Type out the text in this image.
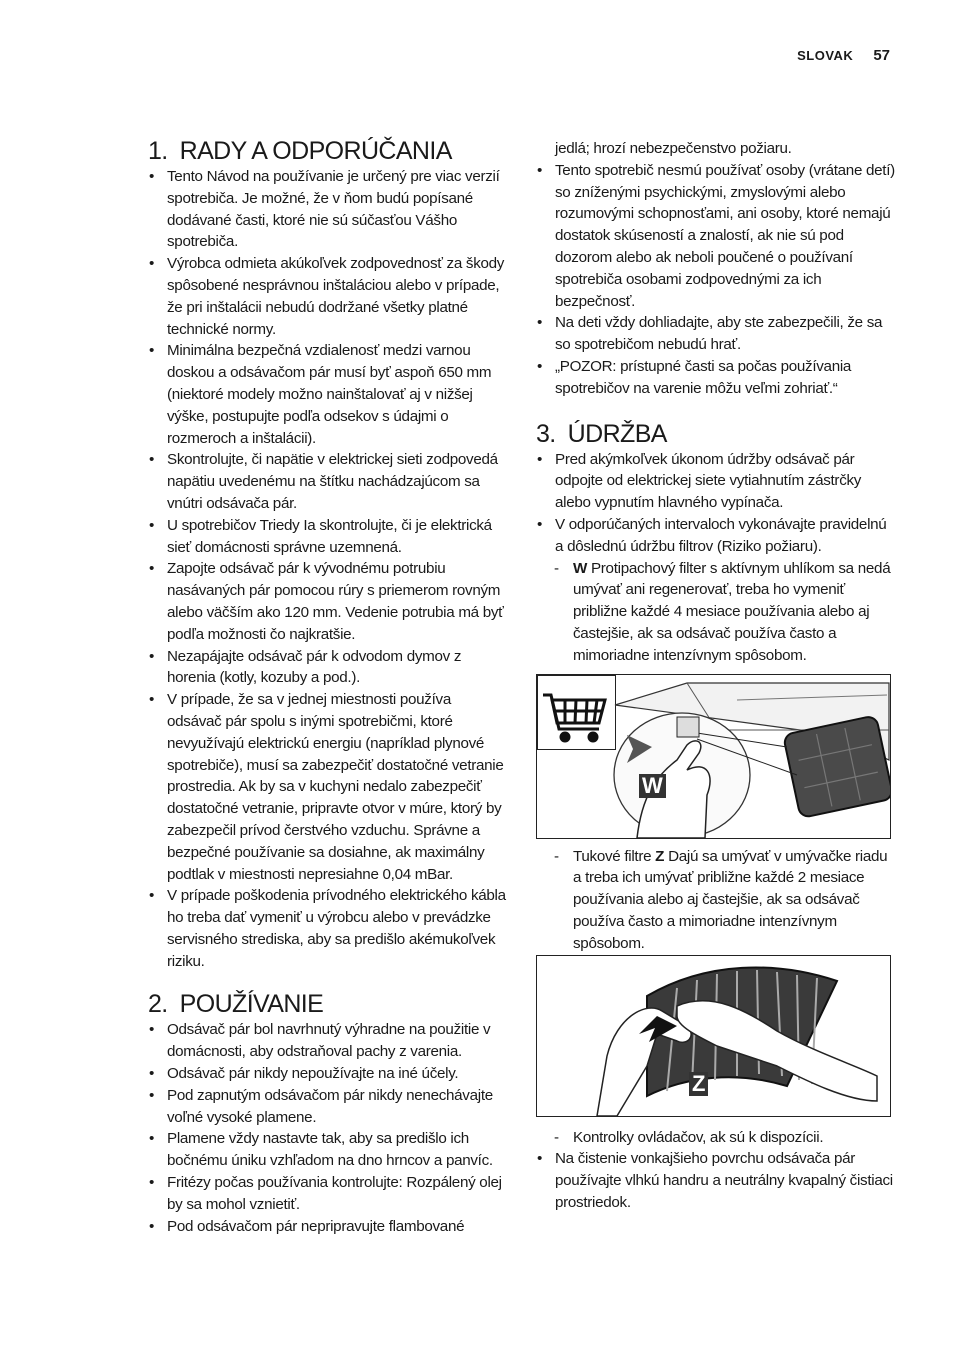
SLOVAK 57
1. RADY A ODPORÚČANIA
• Tento Návod na používanie je určený pre viac verzií spotrebiča. Je možné, že v ňom budú popísané dodávané časti, ktoré nie sú súčasťou Vášho spotrebiča.
• Výrobca odmieta akúkoľvek zodpovednosť za škody spôsobené nesprávnou inštaláciou alebo v prípade, že pri inštalácii nebudú dodržané všetky platné technické normy.
• Minimálna bezpečná vzdialenosť medzi varnou doskou a odsávačom pár musí byť aspoň 650 mm (niektoré modely možno nainštalovať aj v nižšej výške, postupujte podľa odsekov s údajmi o rozmeroch a inštalácii).
• Skontrolujte, či napätie v elektrickej sieti zodpovedá napätiu uvedenému na štítku nachádzajúcom sa vnútri odsávača pár.
• U spotrebičov Triedy Ia skontrolujte, či je elektrická sieť domácnosti správne uzemnená.
• Zapojte odsávač pár k vývodnému potrubiu nasávaných pár pomocou rúry s priemerom rovným alebo väčším ako 120 mm. Vedenie potrubia má byť podľa možnosti čo najkratšie.
• Nezapájajte odsávač pár k odvodom dymov z horenia (kotly, kozuby a pod.).
• V prípade, že sa v jednej miestnosti používa odsávač pár spolu s inými spotrebičmi, ktoré nevyužívajú elektrickú energiu (napríklad plynové spotrebiče), musí sa zabezpečiť dostatočné vetranie prostredia. Ak by sa v kuchyni nedalo zabezpečiť dostatočné vetranie, pripravte otvor v múre, ktorý by zabezpečil prívod čerstvého vzduchu. Správne a bezpečné používanie sa dosiahne, ak maximálny podtlak v miestnosti nepresiahne 0,04 mBar.
• V prípade poškodenia prívodného elektrického kábla ho treba dať vymeniť u výrobcu alebo v prevádzke servisného strediska, aby sa predišlo akémukoľvek riziku.
2. POUŽÍVANIE
• Odsávač pár bol navrhnutý výhradne na použitie v domácnosti, aby odstraňoval pachy z varenia.
• Odsávač pár nikdy nepoužívajte na iné účely.
• Pod zapnutým odsávačom pár nikdy nenechávajte voľné vysoké plamene.
• Plamene vždy nastavte tak, aby sa predišlo ich bočnému úniku vzhľadom na dno hrncov a panvíc.
• Fritézy počas používania kontrolujte: Rozpálený olej by sa mohol vznietiť.
• Pod odsávačom pár nepripravujte flambované
jedlá; hrozí nebezpečenstvo požiaru.
• Tento spotrebič nesmú používať osoby (vrátane detí) so zníženými psychickými, zmyslovými alebo rozumovými schopnosťami, ani osoby, ktoré nemajú dostatok skúseností a znalostí, ak nie sú pod dozorom alebo ak neboli poučené o používaní spotrebiča osobami zodpovednými za ich bezpečnosť.
• Na deti vždy dohliadajte, aby ste zabezpečili, že sa so spotrebičom nebudú hrať.
• „POZOR: prístupné časti sa počas používania spotrebičov na varenie môžu veľmi zohriať.“
3. ÚDRŽBA
• Pred akýmkoľvek úkonom údržby odsávač pár odpojte od elektrickej siete vytiahnutím zástrčky alebo vypnutím hlavného vypínača.
• V odporúčaných intervaloch vykonávajte pravidelnú a dôslednú údržbu filtrov (Riziko požiaru).
- W Protipachový filter s aktívnym uhlíkom sa nedá umývať ani regenerovať, treba ho vymeniť približne každé 4 mesiace používania alebo aj častejšie, ak sa odsávač používa často a mimoriadne intenzívnym spôsobom.
W
- Tukové filtre Z Dajú sa umývať v umývačke riadu a treba ich umývať približne každé 2 mesiace používania alebo aj častejšie, ak sa odsávač používa často a mimoriadne intenzívnym spôsobom.
Z
- Kontrolky ovládačov, ak sú k dispozícii.
• Na čistenie vonkajšieho povrchu odsávača pár používajte vlhkú handru a neutrálny kvapalný čistiaci prostriedok.
